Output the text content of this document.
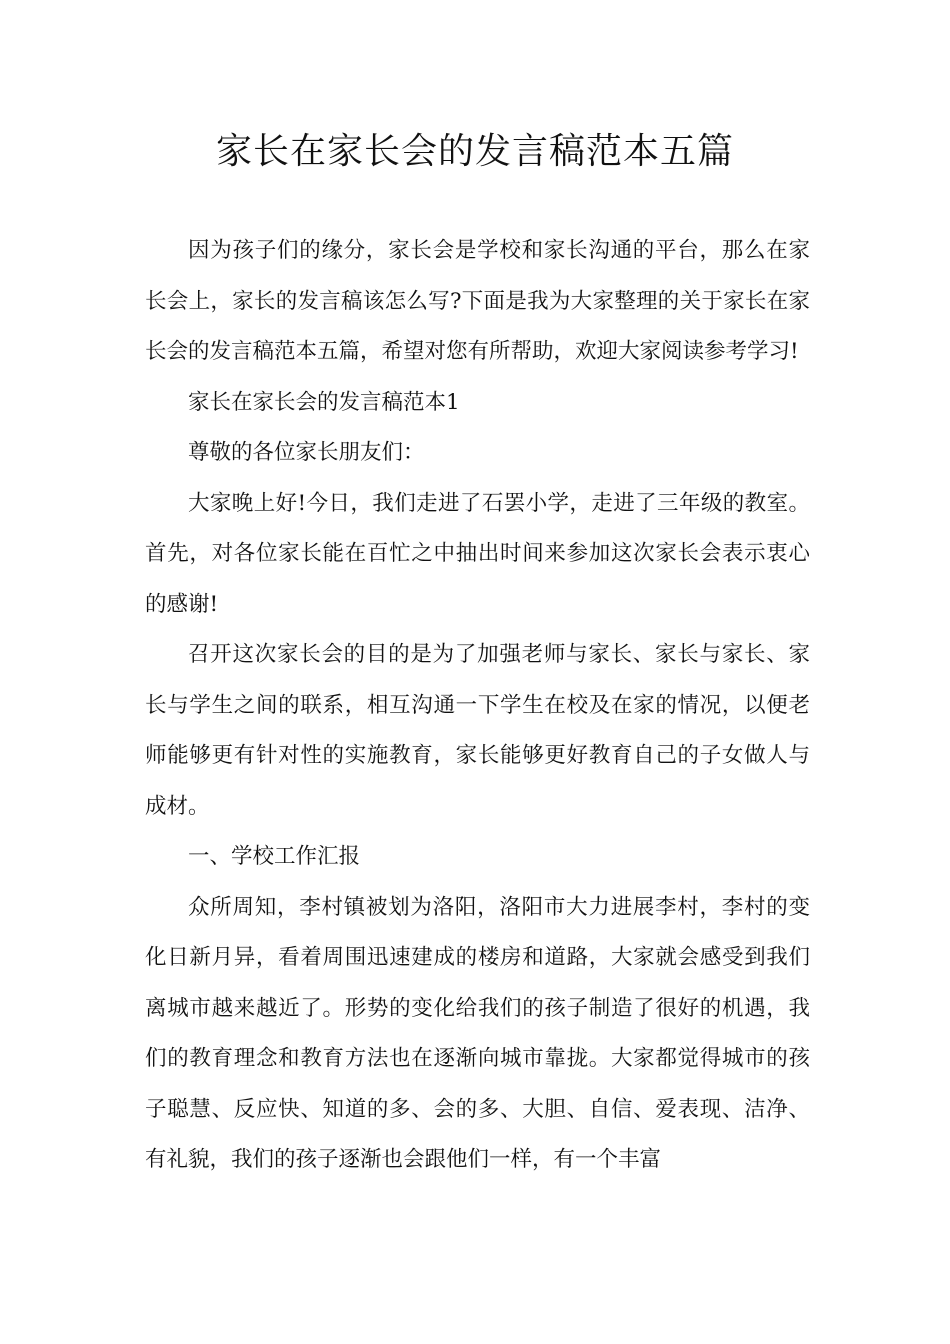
家长在家长会的发言稿范本五篇

因为孩子们的缘分，家长会是学校和家长沟通的平台，那么在家长会上，家长的发言稿该怎么写?下面是我为大家整理的关于家长在家长会的发言稿范本五篇，希望对您有所帮助，欢迎大家阅读参考学习!

家长在家长会的发言稿范本1

尊敬的各位家长朋友们：

大家晚上好!今日，我们走进了石罢小学，走进了三年级的教室。首先，对各位家长能在百忙之中抽出时间来参加这次家长会表示衷心的感谢!

召开这次家长会的目的是为了加强老师与家长、家长与家长、家长与学生之间的联系，相互沟通一下学生在校及在家的情况，以便老师能够更有针对性的实施教育，家长能够更好教育自己的子女做人与成材。

一、学校工作汇报

众所周知，李村镇被划为洛阳，洛阳市大力进展李村，李村的变化日新月异，看着周围迅速建成的楼房和道路，大家就会感受到我们离城市越来越近了。形势的变化给我们的孩子制造了很好的机遇，我们的教育理念和教育方法也在逐渐向城市靠拢。大家都觉得城市的孩子聪慧、反应快、知道的多、会的多、大胆、自信、爱表现、洁净、有礼貌，我们的孩子逐渐也会跟他们一样，有一个丰富
